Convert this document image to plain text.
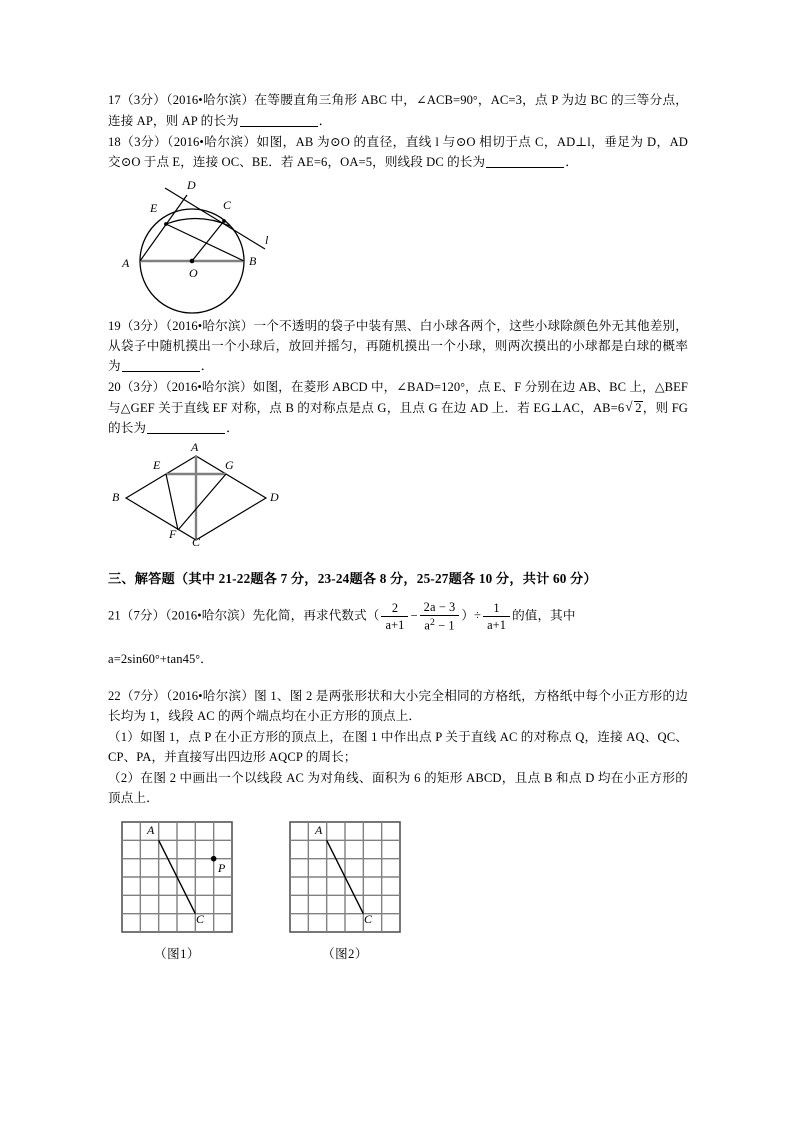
17（3分）（2016•哈尔滨）在等腰直角三角形 ABC 中，∠ACB=90°，AC=3，点 P 为边 BC 的三等分点，连接 AP，则 AP 的长为	．
18（3分）（2016•哈尔滨）如图，AB 为⊙O 的直径，直线 l 与⊙O 相切于点 C，AD⊥l，垂足为 D，AD 交⊙O 于点 E，连接 OC、BE．若 AE=6，OA=5，则线段 DC 的长为	．
A	B
C
D
E
O
l
19（3分）（2016•哈尔滨）一个不透明的袋子中装有黑、白小球各两个，这些小球除颜色外无其他差别，从袋子中随机摸出一个小球后，放回并摇匀，再随机摸出一个小球，则两次摸出的小球都是白球的概率为	．
20（3分）（2016•哈尔滨）如图，在菱形 ABCD 中，∠BAD=120°，点 E、F 分别在边 AB、BC 上，△BEF 与△GEF 关于直线 EF 对称，点 B 的对称点是点 G，且点 G 在边 AD 上．若 EG⊥AC，AB=6 √ 2，则 FG 的长为	．
A
B
C
D
E
F
G
三、解答题（其中 21-22题各 7 分，23-24题各 8 分，25-27题各 10 分，共计 60 分）
21（7分）（2016•哈尔滨）先化简，再求代数式（ $\frac{2}{a+1} - \frac{2a - 3}{a^2 - 1}$ ）÷ $\frac{1}{a+1}$ 的值，其中
a=2sin60°+tan45°．
22（7分）（2016•哈尔滨）图 1、图 2 是两张形状和大小完全相同的方格纸，方格纸中每个小正方形的边长均为 1，线段 AC 的两个端点均在小正方形的顶点上．
（1）如图 1，点 P 在小正方形的顶点上，在图 1 中作出点 P 关于直线 AC 的对称点 Q，连接 AQ、QC、CP、PA，并直接写出四边形 AQCP 的周长；
（2）在图 2 中画出一个以线段 AC 为对角线、面积为 6 的矩形 ABCD，且点 B 和点 D 均在小正方形的顶点上．
A
C
P
（图1）
A
C
（图2）
